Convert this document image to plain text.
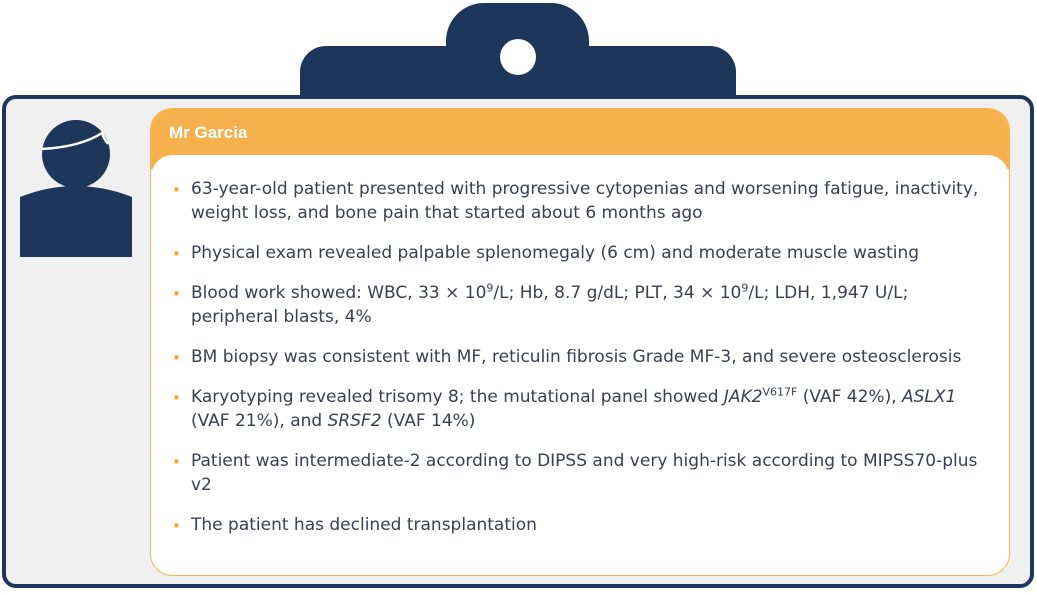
Mr Garcia
• 63-year-old patient presented with progressive cytopenias and worsening fatigue, inactivity, weight loss, and bone pain that started about 6 months ago
• Physical exam revealed palpable splenomegaly (6 cm) and moderate muscle wasting
• Blood work showed: WBC, $33 \times 10^9/L$; Hb, 8.7 g/dL; PLT, $34 \times 10^9/L$; LDH, 1,947 U/L; peripheral blasts, 4%
• BM biopsy was consistent with MF, reticulin fibrosis Grade MF-3, and severe osteosclerosis
• Karyotyping revealed trisomy 8; the mutational panel showed $JAK2^{V617F}$ (VAF 42%), ASLX1 (VAF 21%), and SRSF2 (VAF 14%)
• Patient was intermediate-2 according to DIPSS and very high-risk according to MIPSS70-plus v2
• The patient has declined transplantation
